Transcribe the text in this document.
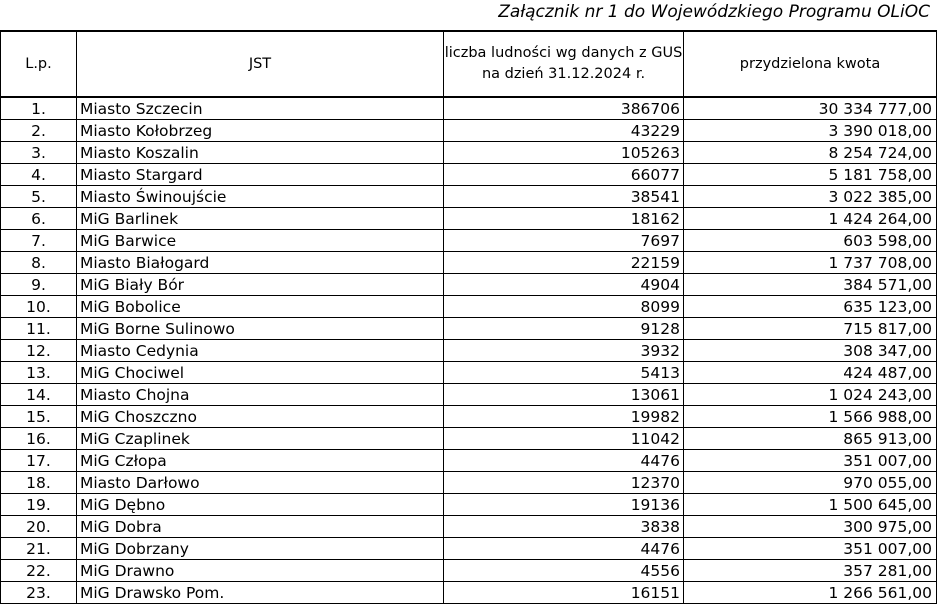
Załącznik nr 1 do Wojewódzkiego Programu OLiOC
L.p.	JST	liczba ludności wg danych z GUS na dzień 31.12.2024 r.	przydzielona kwota
1.	Miasto Szczecin	386706	30 334 777,00
2.	Miasto Kołobrzeg	43229	3 390 018,00
3.	Miasto Koszalin	105263	8 254 724,00
4.	Miasto Stargard	66077	5 181 758,00
5.	Miasto Świnoujście	38541	3 022 385,00
6.	MiG Barlinek	18162	1 424 264,00
7.	MiG Barwice	7697	603 598,00
8.	Miasto Białogard	22159	1 737 708,00
9.	MiG Biały Bór	4904	384 571,00
10.	MiG Bobolice	8099	635 123,00
11.	MiG Borne Sulinowo	9128	715 817,00
12.	Miasto Cedynia	3932	308 347,00
13.	MiG Chociwel	5413	424 487,00
14.	Miasto Chojna	13061	1 024 243,00
15.	MiG Choszczno	19982	1 566 988,00
16.	MiG Czaplinek	11042	865 913,00
17.	MiG Człopa	4476	351 007,00
18.	Miasto Darłowo	12370	970 055,00
19.	MiG Dębno	19136	1 500 645,00
20.	MiG Dobra	3838	300 975,00
21.	MiG Dobrzany	4476	351 007,00
22.	MiG Drawno	4556	357 281,00
23.	MiG Drawsko Pom.	16151	1 266 561,00
